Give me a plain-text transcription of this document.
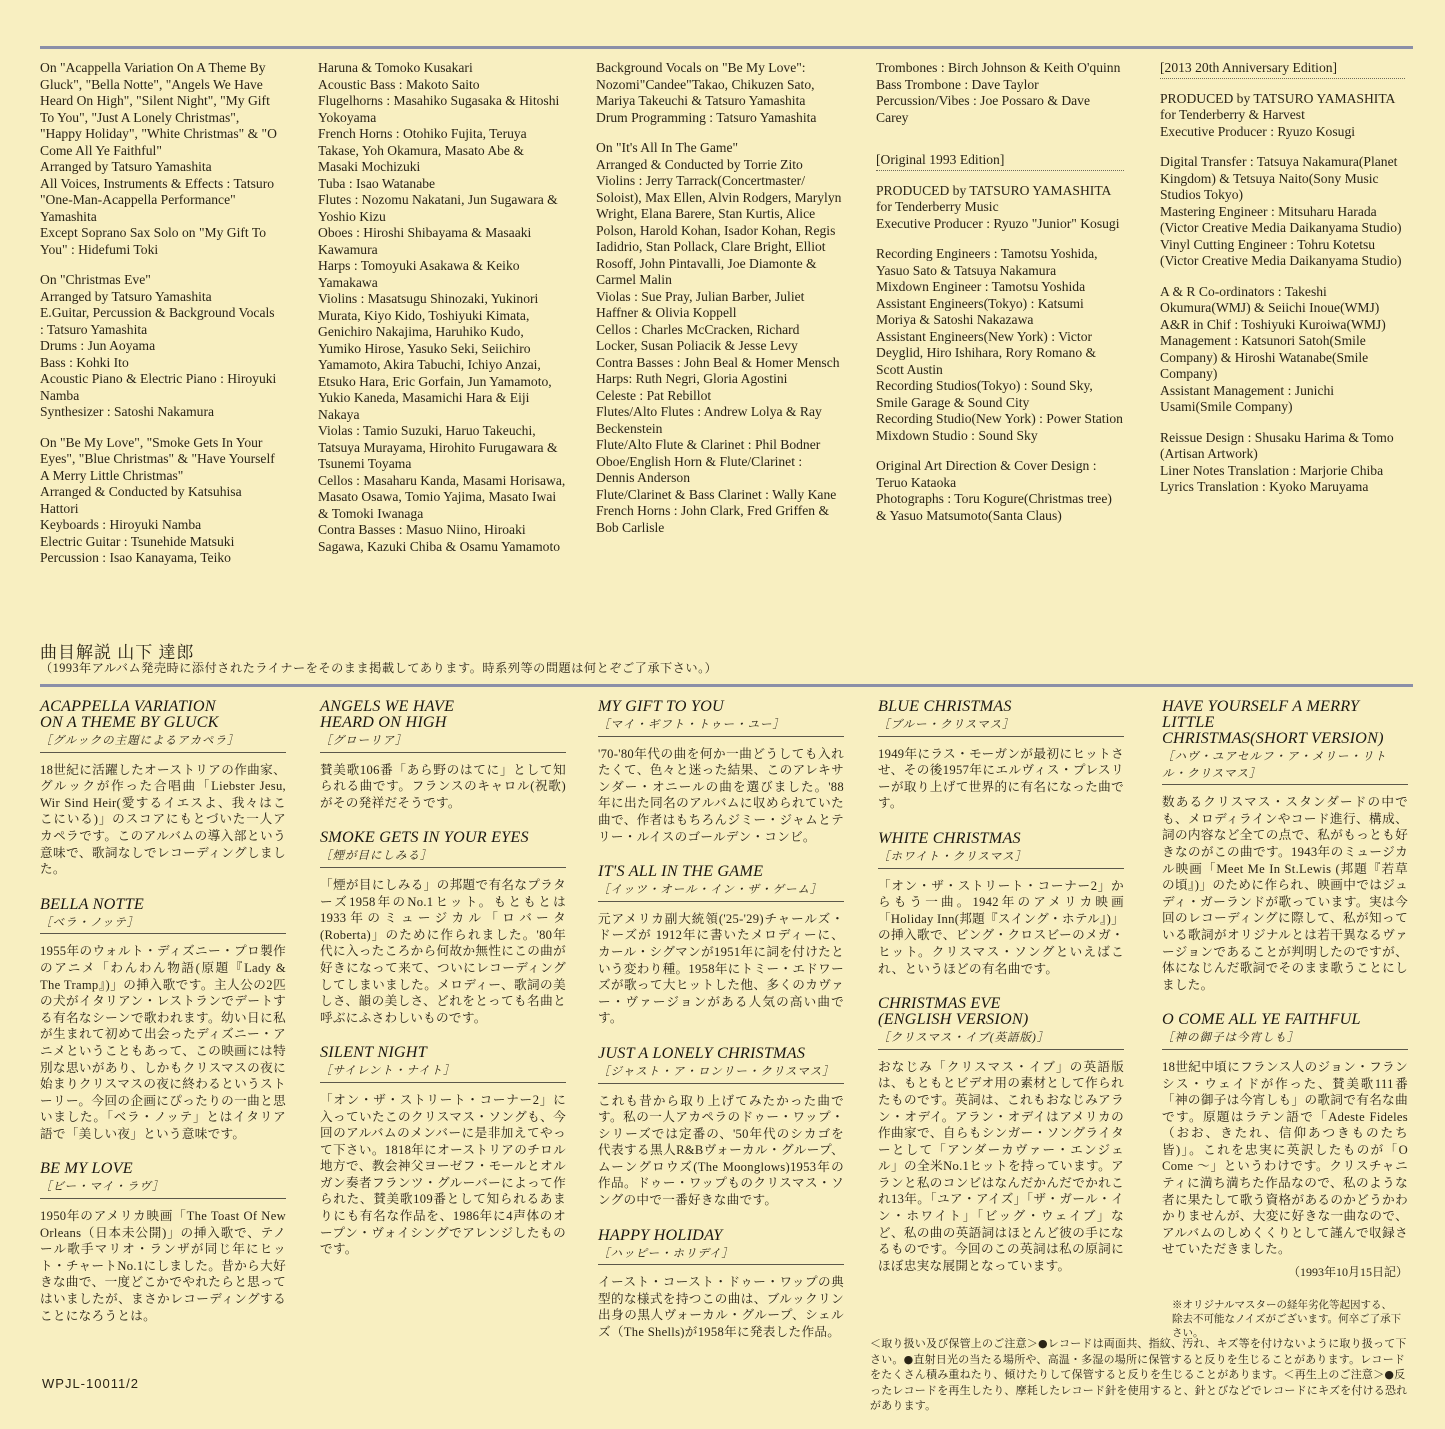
On "Acappella Variation On A Theme By Gluck", "Bella Notte", "Angels We Have Heard On High", "Silent Night", "My Gift To You", "Just A Lonely Christmas", "Happy Holiday", "White Christmas" & "O Come All Ye Faithful"
Arranged by Tatsuro Yamashita
All Voices, Instruments & Effects : Tatsuro "One-Man-Acappella Performance" Yamashita
Except Soprano Sax Solo on "My Gift To You" : Hidefumi Toki

On "Christmas Eve"
Arranged by Tatsuro Yamashita
E.Guitar, Percussion & Background Vocals : Tatsuro Yamashita
Drums : Jun Aoyama
Bass : Kohki Ito
Acoustic Piano & Electric Piano : Hiroyuki Namba
Synthesizer : Satoshi Nakamura

On "Be My Love", "Smoke Gets In Your Eyes", "Blue Christmas" & "Have Yourself A Merry Little Christmas"
Arranged & Conducted by Katsuhisa Hattori
Keyboards : Hiroyuki Namba
Electric Guitar : Tsunehide Matsuki
Percussion : Isao Kanayama, Teiko

Haruna & Tomoko Kusakari
Acoustic Bass : Makoto Saito
Flugelhorns : Masahiko Sugasaka & Hitoshi Yokoyama
French Horns : Otohiko Fujita, Teruya Takase, Yoh Okamura, Masato Abe & Masaki Mochizuki
Tuba : Isao Watanabe
Flutes : Nozomu Nakatani, Jun Sugawara & Yoshio Kizu
Oboes : Hiroshi Shibayama & Masaaki Kawamura
Harps : Tomoyuki Asakawa & Keiko Yamakawa
Violins : Masatsugu Shinozaki, Yukinori Murata, Kiyo Kido, Toshiyuki Kimata, Genichiro Nakajima, Haruhiko Kudo, Yumiko Hirose, Yasuko Seki, Seiichiro Yamamoto, Akira Tabuchi, Ichiyo Anzai, Etsuko Hara, Eric Gorfain, Jun Yamamoto, Yukio Kaneda, Masamichi Hara & Eiji Nakaya
Violas : Tamio Suzuki, Haruo Takeuchi, Tatsuya Murayama, Hirohito Furugawara & Tsunemi Toyama
Cellos : Masaharu Kanda, Masami Horisawa, Masato Osawa, Tomio Yajima, Masato Iwai & Tomoki Iwanaga
Contra Basses : Masuo Niino, Hiroaki Sagawa, Kazuki Chiba & Osamu Yamamoto

Background Vocals on "Be My Love": Nozomi"Candee"Takao, Chikuzen Sato, Mariya Takeuchi & Tatsuro Yamashita
Drum Programming : Tatsuro Yamashita

On "It's All In The Game"
Arranged & Conducted by Torrie Zito
Violins : Jerry Tarrack(Concertmaster/ Soloist), Max Ellen, Alvin Rodgers, Marylyn Wright, Elana Barere, Stan Kurtis, Alice Polson, Harold Kohan, Isador Kohan, Regis Iadidrio, Stan Pollack, Clare Bright, Elliot Rosoff, John Pintavalli, Joe Diamonte & Carmel Malin
Violas : Sue Pray, Julian Barber, Juliet Haffner & Olivia Koppell
Cellos : Charles McCracken, Richard Locker, Susan Poliacik & Jesse Levy
Contra Basses : John Beal & Homer Mensch
Harps: Ruth Negri, Gloria Agostini
Celeste : Pat Rebillot
Flutes/Alto Flutes : Andrew Lolya & Ray Beckenstein
Flute/Alto Flute & Clarinet : Phil Bodner
Oboe/English Horn & Flute/Clarinet : Dennis Anderson
Flute/Clarinet & Bass Clarinet : Wally Kane
French Horns : John Clark, Fred Griffen & Bob Carlisle

Trombones : Birch Johnson & Keith O'quinn
Bass Trombone : Dave Taylor
Percussion/Vibes : Joe Possaro & Dave Carey

[Original 1993 Edition]

PRODUCED by TATSURO YAMASHITA
for Tenderberry Music
Executive Producer : Ryuzo "Junior" Kosugi

Recording Engineers : Tamotsu Yoshida, Yasuo Sato & Tatsuya Nakamura
Mixdown Engineer : Tamotsu Yoshida
Assistant Engineers(Tokyo) : Katsumi Moriya & Satoshi Nakazawa
Assistant Engineers(New York) : Victor Deyglid, Hiro Ishihara, Rory Romano & Scott Austin
Recording Studios(Tokyo) : Sound Sky, Smile Garage & Sound City
Recording Studio(New York) : Power Station
Mixdown Studio : Sound Sky

Original Art Direction & Cover Design : Teruo Kataoka
Photographs : Toru Kogure(Christmas tree) & Yasuo Matsumoto(Santa Claus)

[2013 20th Anniversary Edition]

PRODUCED by TATSURO YAMASHITA
for Tenderberry & Harvest
Executive Producer : Ryuzo Kosugi

Digital Transfer : Tatsuya Nakamura(Planet Kingdom) & Tetsuya Naito(Sony Music Studios Tokyo)
Mastering Engineer : Mitsuharu Harada (Victor Creative Media Daikanyama Studio)
Vinyl Cutting Engineer : Tohru Kotetsu (Victor Creative Media Daikanyama Studio)

A & R Co-ordinators : Takeshi Okumura(WMJ) & Seiichi Inoue(WMJ)
A&R in Chif : Toshiyuki Kuroiwa(WMJ)
Management : Katsunori Satoh(Smile Company) & Hiroshi Watanabe(Smile Company)
Assistant Management : Junichi Usami(Smile Company)

Reissue Design : Shusaku Harima & Tomo (Artisan Artwork)
Liner Notes Translation : Marjorie Chiba
Lyrics Translation : Kyoko Maruyama

曲目解説 山下 達郎
（1993年アルバム発売時に添付されたライナーをそのまま掲載してあります。時系列等の問題は何とぞご了承下さい。）
ACAPPELLA VARIATION
ON A THEME BY GLUCK
［グルックの主題によるアカペラ］
18世紀に活躍したオーストリアの作曲家、グルックが作った合唱曲「Liebster Jesu, Wir Sind Heir(愛するイエスよ、我々はここにいる)」のスコアにもとづいた一人アカペラです。このアルバムの導入部という意味で、歌詞なしでレコーディングしました。
BELLA NOTTE
［ベラ・ノッテ］
1955年のウォルト・ディズニー・プロ製作のアニメ「わんわん物語(原題『Lady & The Tramp』)」の挿入歌です。主人公の2匹の犬がイタリアン・レストランでデートする有名なシーンで歌われます。幼い日に私が生まれて初めて出会ったディズニー・アニメということもあって、この映画には特別な思いがあり、しかもクリスマスの夜に始まりクリスマスの夜に終わるというストーリー。今回の企画にぴったりの一曲と思いました。「ベラ・ノッテ」とはイタリア語で「美しい夜」という意味です。
BE MY LOVE
［ビー・マイ・ラヴ］
1950年のアメリカ映画「The Toast Of New Orleans（日本未公開)」の挿入歌で、テノール歌手マリオ・ランザが同じ年にヒット・チャートNo.1にしました。昔から大好きな曲で、一度どこかでやれたらと思ってはいましたが、まさかレコーディングすることになろうとは。
ANGELS WE HAVE
HEARD ON HIGH
［グローリア］
賛美歌106番「あら野のはてに」として知られる曲です。フランスのキャロル(祝歌)がその発祥だそうです。
SMOKE GETS IN YOUR EYES
［煙が目にしみる］
「煙が目にしみる」の邦題で有名なプラターズ1958年のNo.1ヒット。もともとは 1933年のミュージカル「ロバータ(Roberta)」のために作られました。'80年代に入ったころから何故か無性にこの曲が好きになって来て、ついにレコーディングしてしまいました。メロディー、歌詞の美しさ、韻の美しさ、どれをとっても名曲と呼ぶにふさわしいものです。
SILENT NIGHT
［サイレント・ナイト］
「オン・ザ・ストリート・コーナー2」に入っていたこのクリスマス・ソングも、今回のアルバムのメンバーに是非加えてやって下さい。1818年にオーストリアのチロル地方で、教会神父ヨーゼフ・モールとオルガン奏者フランツ・グルーバーによって作られた、賛美歌109番として知られるあまりにも有名な作品を、1986年に4声体のオープン・ヴォイシングでアレンジしたものです。
MY GIFT TO YOU
［マイ・ギフト・トゥー・ユー］
'70-'80年代の曲を何か一曲どうしても入れたくて、色々と迷った結果、このアレキサンダー・オニールの曲を選びました。'88年に出た同名のアルバムに収められていた曲で、作者はもちろんジミー・ジャムとテリー・ルイスのゴールデン・コンビ。
IT'S ALL IN THE GAME
［イッツ・オール・イン・ザ・ゲーム］
元アメリカ副大統領('25-'29)チャールズ・ドーズが 1912年に書いたメロディーに、カール・シグマンが1951年に詞を付けたという変わり種。1958年にトミー・エドワーズが歌って大ヒットした他、多くのカヴァー・ヴァージョンがある人気の高い曲です。
JUST A LONELY CHRISTMAS
［ジャスト・ア・ロンリー・クリスマス］
これも昔から取り上げてみたかった曲です。私の一人アカペラのドゥー・ワップ・シリーズでは定番の、'50年代のシカゴを代表する黒人R&Bヴォーカル・グループ、ムーングロウズ(The Moonglows)1953年の作品。ドゥー・ワップものクリスマス・ソングの中で一番好きな曲です。
HAPPY HOLIDAY
［ハッピー・ホリデイ］
イースト・コースト・ドゥー・ワップの典型的な様式を持つこの曲は、ブルックリン出身の黒人ヴォーカル・グループ、シェルズ（The Shells)が1958年に発表した作品。
BLUE CHRISTMAS
［ブルー・クリスマス］
1949年にラス・モーガンが最初にヒットさせ、その後1957年にエルヴィス・プレスリーが取り上げて世界的に有名になった曲です。
WHITE CHRISTMAS
［ホワイト・クリスマス］
「オン・ザ・ストリート・コーナー2」からもう一曲。1942年のアメリカ映画「Holiday Inn(邦題『スイング・ホテル』)」の挿入歌で、ビング・クロスビーのメガ・ヒット。クリスマス・ソングといえばこれ、というほどの有名曲です。
CHRISTMAS EVE
(ENGLISH VERSION)
［クリスマス・イブ(英語版)］
おなじみ「クリスマス・イブ」の英語版は、もともとビデオ用の素材として作られたものです。英詞は、これもおなじみアラン・オデイ。アラン・オデイはアメリカの作曲家で、自らもシンガー・ソングライターとして「アンダーカヴァー・エンジェル」の全米No.1ヒットを持っています。アランと私のコンビはなんだかんだでかれこれ13年。「ユア・アイズ」「ザ・ガール・イン・ホワイト」「ビッグ・ウェイブ」など、私の曲の英語詞はほとんど彼の手になるものです。今回のこの英詞は私の原詞にほぼ忠実な展開となっています。
HAVE YOURSELF A MERRY LITTLE
CHRISTMAS(SHORT VERSION)
［ハヴ・ユアセルフ・ア・メリー・リトル・クリスマス］
数あるクリスマス・スタンダードの中でも、メロディラインやコード進行、構成、詞の内容など全ての点で、私がもっとも好きなのがこの曲です。1943年のミュージカル映画「Meet Me In St.Lewis (邦題『若草の頃』)」のために作られ、映画中ではジュディ・ガーランドが歌っています。実は今回のレコーディングに際して、私が知っている歌詞がオリジナルとは若干異なるヴァージョンであることが判明したのですが、体になじんだ歌詞でそのまま歌うことにしました。
O COME ALL YE FAITHFUL
［神の御子は今宵しも］
18世紀中頃にフランス人のジョン・フランシス・ウェイドが作った、賛美歌111番「神の御子は今宵しも」の歌詞で有名な曲です。原題はラテン語で「Adeste Fideles（おお、きたれ、信仰あつきものたち皆)」。これを忠実に英訳したものが「O Come ～」というわけです。クリスチャニティに満ち満ちた作品なので、私のような者に果たして歌う資格があるのかどうかわかりませんが、大変に好きな一曲なので、アルバムのしめくくりとして謹んで収録させていただきました。
（1993年10月15日記）
※オリジナルマスターの経年劣化等起因する、
除去不可能なノイズがございます。何卒ご了承下さい。
＜取り扱い及び保管上のご注意＞●レコードは両面共、指紋、汚れ、キズ等を付けないように取り扱って下さい。●直射日光の当たる場所や、高温・多湿の場所に保管すると反りを生じることがあります。レコードをたくさん積み重ねたり、傾けたりして保管すると反りを生じることがあります。＜再生上のご注意＞●反ったレコードを再生したり、摩耗したレコード針を使用すると、針とびなどでレコードにキズを付ける恐れがあります。
WPJL-10011/2
